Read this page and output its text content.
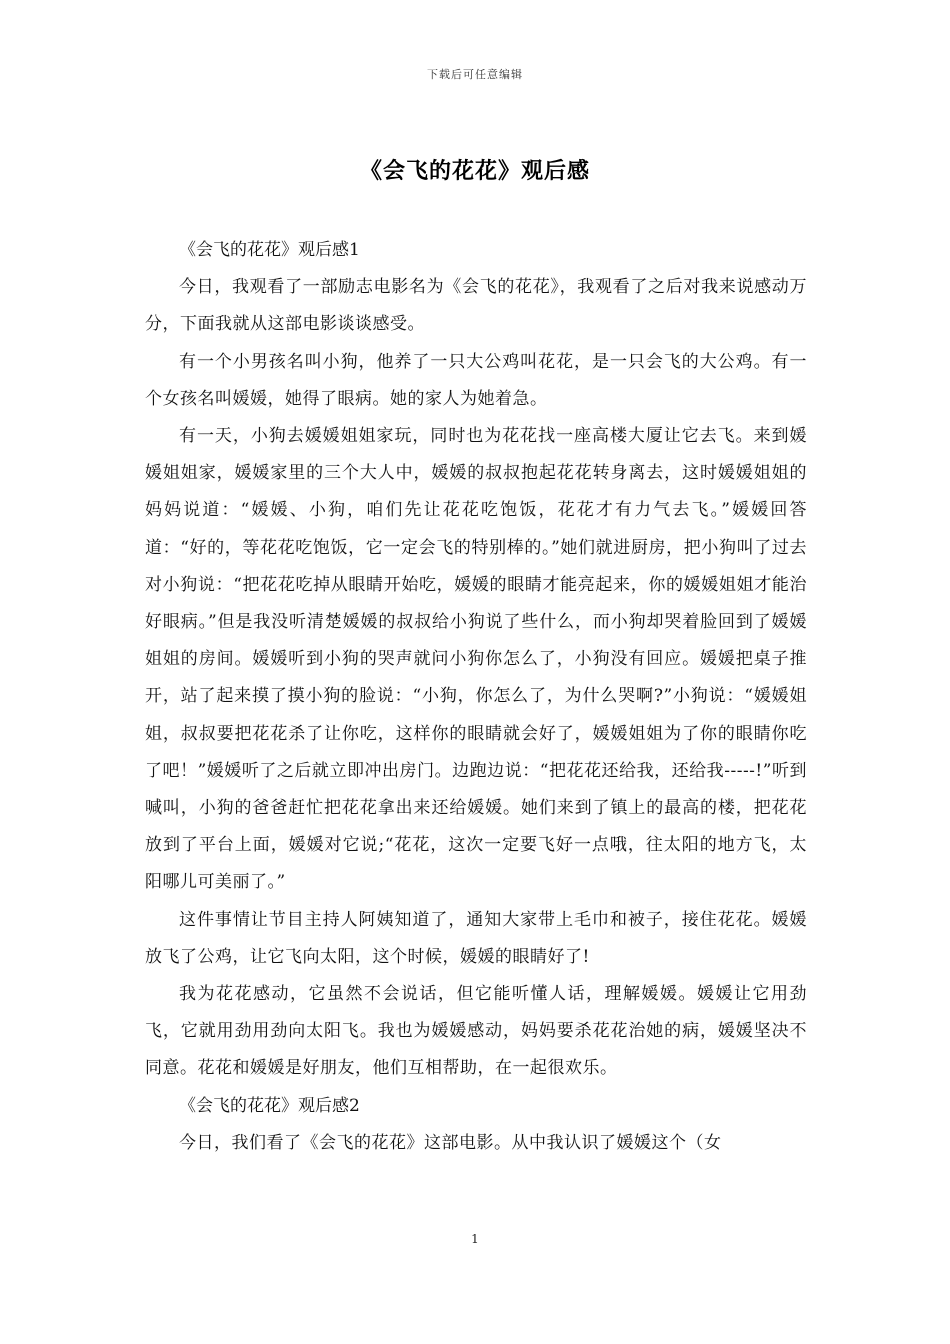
下载后可任意编辑
《会飞的花花》观后感

《会飞的花花》观后感1

今日，我观看了一部励志电影名为《会飞的花花》，我观看了之后对我来说感动万分，下面我就从这部电影谈谈感受。

有一个小男孩名叫小狗，他养了一只大公鸡叫花花，是一只会飞的大公鸡。有一个女孩名叫媛媛，她得了眼病。她的家人为她着急。

有一天，小狗去媛媛姐姐家玩，同时也为花花找一座高楼大厦让它去飞。来到媛媛姐姐家，媛媛家里的三个大人中，媛媛的叔叔抱起花花转身离去，这时媛媛姐姐的妈妈说道：“媛媛、小狗，咱们先让花花吃饱饭，花花才有力气去飞。”媛媛回答道：“好的，等花花吃饱饭，它一定会飞的特别棒的。”她们就进厨房，把小狗叫了过去对小狗说：“把花花吃掉从眼睛开始吃，媛媛的眼睛才能亮起来，你的媛媛姐姐才能治好眼病。”但是我没听清楚媛媛的叔叔给小狗说了些什么，而小狗却哭着脸回到了媛媛姐姐的房间。媛媛听到小狗的哭声就问小狗你怎么了，小狗没有回应。媛媛把桌子推开，站了起来摸了摸小狗的脸说：“小狗，你怎么了，为什么哭啊?”小狗说：“媛媛姐姐，叔叔要把花花杀了让你吃，这样你的眼睛就会好了，媛媛姐姐为了你的眼睛你吃了吧！”媛媛听了之后就立即冲出房门。边跑边说：“把花花还给我，还给我-----!”听到喊叫，小狗的爸爸赶忙把花花拿出来还给媛媛。她们来到了镇上的最高的楼，把花花放到了平台上面，媛媛对它说;“花花，这次一定要飞好一点哦，往太阳的地方飞，太阳哪儿可美丽了。”

这件事情让节目主持人阿姨知道了，通知大家带上毛巾和被子，接住花花。媛媛放飞了公鸡，让它飞向太阳，这个时候，媛媛的眼睛好了!

我为花花感动，它虽然不会说话，但它能听懂人话，理解媛媛。媛媛让它用劲飞，它就用劲用劲向太阳飞。我也为媛媛感动，妈妈要杀花花治她的病，媛媛坚决不同意。花花和媛媛是好朋友，他们互相帮助，在一起很欢乐。

《会飞的花花》观后感2

今日，我们看了《会飞的花花》这部电影。从中我认识了媛媛这个（女

1
